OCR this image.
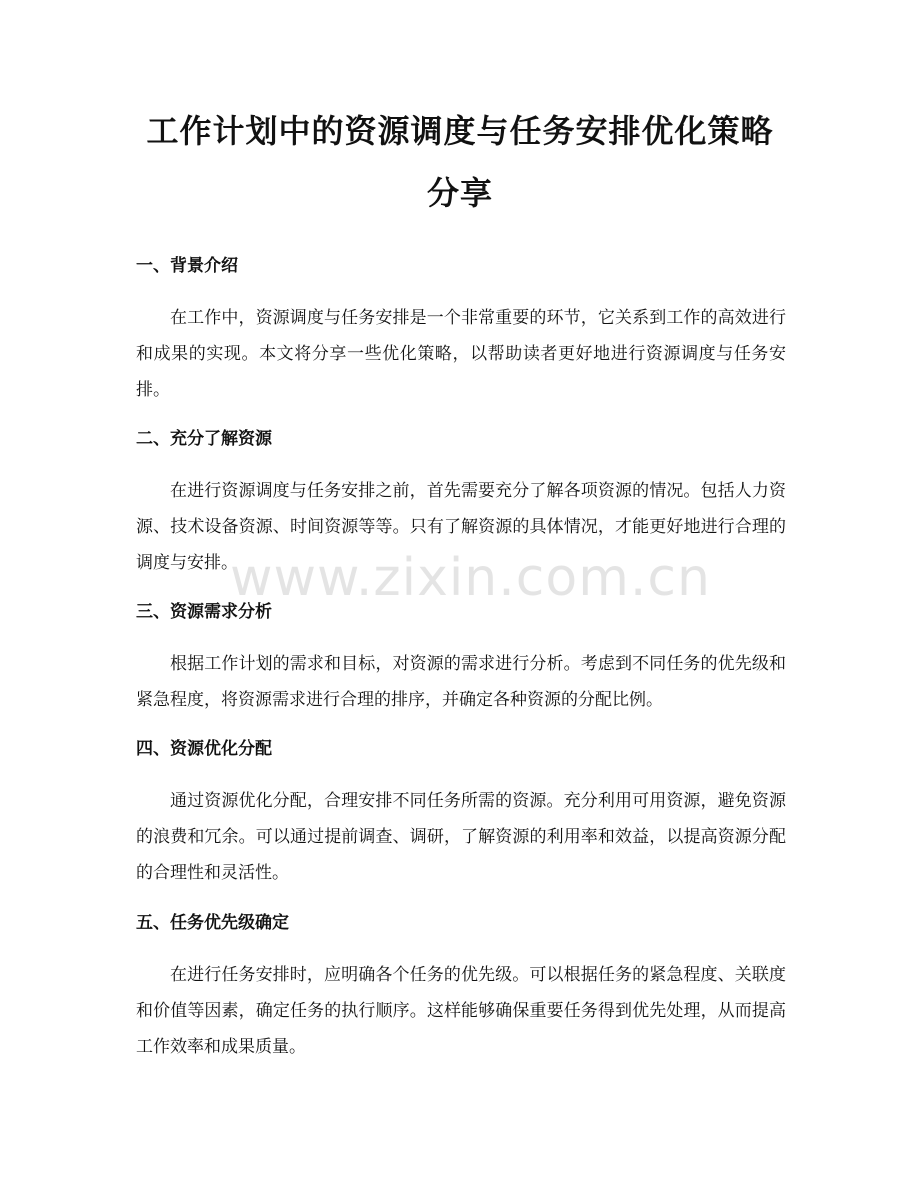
工作计划中的资源调度与任务安排优化策略
分享
一、背景介绍

在工作中，资源调度与任务安排是一个非常重要的环节，它关系到工作的高效进行和成果的实现。本文将分享一些优化策略，以帮助读者更好地进行资源调度与任务安排。

二、充分了解资源

在进行资源调度与任务安排之前，首先需要充分了解各项资源的情况。包括人力资源、技术设备资源、时间资源等等。只有了解资源的具体情况，才能更好地进行合理的调度与安排。

三、资源需求分析

根据工作计划的需求和目标，对资源的需求进行分析。考虑到不同任务的优先级和紧急程度，将资源需求进行合理的排序，并确定各种资源的分配比例。

四、资源优化分配

通过资源优化分配，合理安排不同任务所需的资源。充分利用可用资源，避免资源的浪费和冗余。可以通过提前调查、调研，了解资源的利用率和效益，以提高资源分配的合理性和灵活性。

五、任务优先级确定

在进行任务安排时，应明确各个任务的优先级。可以根据任务的紧急程度、关联度和价值等因素，确定任务的执行顺序。这样能够确保重要任务得到优先处理，从而提高工作效率和成果质量。

www.zixin.com.cn
